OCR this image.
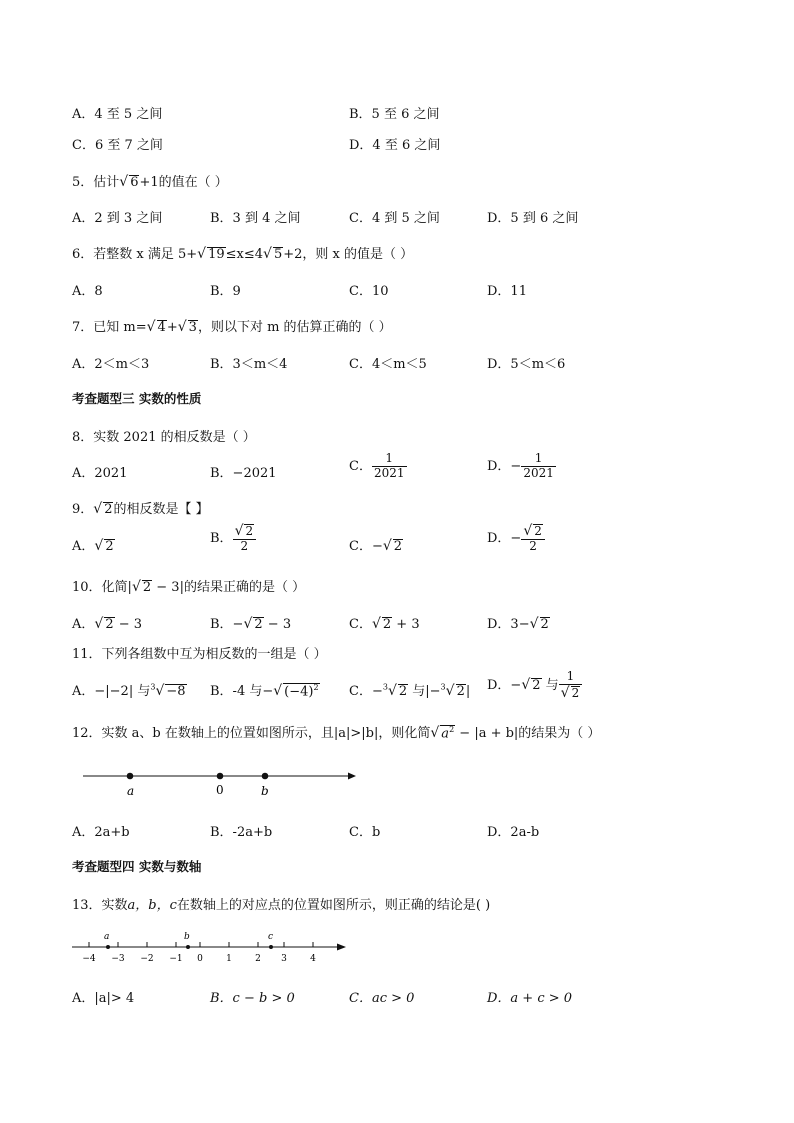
A．4 至 5 之间	B．5 至 6 之间
C．6 至 7 之间	D．4 至 6 之间
5．估计√ 6+1的值在（ ）
A．2 到 3 之间	B．3 到 4 之间	C．4 到 5 之间	D．5 到 6 之间
6．若整数 x 满足 5+√ 19≤x≤4√ 5+2，则 x 的值是（ ）
A．8	B．9	C．10	D．11
7．已知 m=√ 4+√ 3，则以下对 m 的估算正确的（ ）
A．2＜m＜3	B．3＜m＜4	C．4＜m＜5	D．5＜m＜6
考查题型三 实数的性质
8．实数 2021 的相反数是（ ）
A．2021	B．−2021	C． $\frac{1}{2021}$	D．− $\frac{1}{2021}$
9．√ 2的相反数是【 】
A．√ 2
B． $\frac{√ 2}{2}$	C．−√ 2
D．− $\frac{√ 2}{2}$
10．化简|√ 2 − 3|的结果正确的是（ ）
A．√ 2 − 3	B．−√ 2 − 3	C．√ 2 + 3	D．3−√ 2
11．下列各组数中互为相反数的一组是（ ）
A．−|−2| 与$^3$√ −8 B．-4 与−√ $(-4)^2$ C．−$^3$√ 2 与|−$^3$√ 2| D．−√ 2 与 $\frac{1}{√ 2}$
12．实数 a、b 在数轴上的位置如图所示，且|a|>|b|，则化简√ $a^2 - |a + b|$的结果为（ ）
a	0	b
A．2a+b	B．-2a+b	C．b	D．2a-b
考查题型四 实数与数轴
13．实数a，b，c在数轴上的对应点的位置如图所示，则正确的结论是( )
a	b	c
−4 −3 −2 −1 0	1	2 3	4
A．|a|> 4	B．c − b > 0	C．ac > 0	D．a + c > 0
